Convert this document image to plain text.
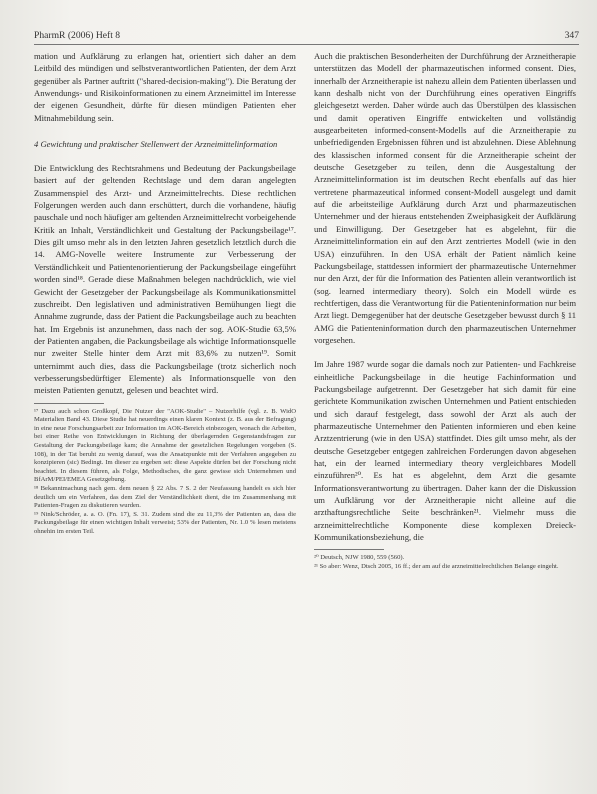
PharmR (2006) Heft 8	347

mation und Aufklärung zu erlangen hat, orientiert sich daher an dem Leitbild des mündigen und selbstverantwortlichen Patienten, der dem Arzt gegenüber als Partner auftritt ("shared-decision-making"). Die Beratung der Anwendungs- und Risikoinformationen zu einem Arzneimittel im Interesse der eigenen Gesundheit, dürfte für diesen mündigen Patienten eher Mitnahmebildung sein.

4 Gewichtung und praktischer Stellenwert der Arzneimittelinformation

Die Entwicklung des Rechtsrahmens und Bedeutung der Packungsbeilage basiert auf der geltenden Rechtslage und dem daran angelegten Zusammenspiel des Arzt- und Arzneimittelrechts. Diese rechtlichen Folgerungen werden auch dann erschüttert, durch die vorhandene, häufig pauschale und noch häufiger am geltenden Arzneimittelrecht vorbeigehende Kritik an Inhalt, Verständlichkeit und Gestaltung der Packungsbeilage¹⁷. Dies gilt umso mehr als in den letzten Jahren gesetzlich letztlich durch die 14. AMG-Novelle weitere Instrumente zur Verbesserung der Verständlichkeit und Patientenorientierung der Packungsbeilage eingeführt worden sind¹⁸. Gerade diese Maßnahmen belegen nachdrücklich, wie viel Gewicht der Gesetzgeber der Packungsbeilage als Kommunikationsmittel zuschreibt. Den legislativen und administrativen Bemühungen liegt die Annahme zugrunde, dass der Patient die Packungsbeilage auch zu beachten hat. Im Ergebnis ist anzunehmen, dass nach der sog. AOK-Studie 63,5% der Patienten angaben, die Packungsbeilage als wichtige Informationsquelle nur zweiter Stelle hinter dem Arzt mit 83,6% zu nutzen¹⁹. Somit unternimmt auch dies, dass die Packungsbeilage (trotz sicherlich noch verbesserungsbedürftiger Elemente) als Informationsquelle von den meisten Patienten genutzt, gelesen und beachtet wird.

¹⁷ Dazu auch schon Großkopf, Die Nutzer der "AOK-Studie" – Nutzerhilfe (vgl. z. B. WidO Materialien Band 43. Diese Studie hat neuerdings einen klaren Kontext (z. B. aus der Befragung) in eine neue Forschungsarbeit zur Information im AOK-Bereich einbezogen, wonach die Arbeiten, bei einer Reihe von Entwicklungen in Richtung der überlagernden Gegenstandsfragen zur Gestaltung der Packungsbeilage kam; die Annahme der gesetzlichen Regelungen vorgeben (S. 108), in der Tat beruht zu wenig darauf, was die Ansatzpunkte mit der Verfahren angegeben zu konzipieren (sic) Bedingt. Im dieser zu ergeben sei: diese Aspekte dürfen bei der Forschung nicht beachtet. In diesem führen, als Folge, Methodisches, die ganz gewisse sich Unternehmen und BfArM/PEI/EMEA Gesetzgebung.

¹⁸ Bekanntmachung nach gem. dem neuen § 22 Abs. 7 S. 2 der Neufassung handelt es sich hier deutlich um ein Verfahren, das dem Ziel der Verständlichkeit dient, die im Zusammenhang mit Patienten-Fragen zu diskutieren wurden.

¹⁹ Nink/Schröder, a. a. O. (Fn. 17), S. 31. Zudem sind die zu 11,3% der Patienten an, dass die Packungsbeilage für einen wichtigen Inhalt verweist; 53% der Patienten, Nr. 1.0 % lesen meistens ohnehin im ersten Teil.

Auch die praktischen Besonderheiten der Durchführung der Arzneitherapie unterstützen das Modell der pharmazeutischen informed consent. Dies, innerhalb der Arzneitherapie ist nahezu allein dem Patienten überlassen und kann deshalb nicht von der Durchführung eines operativen Eingriffs gleichgesetzt werden. Daher würde auch das Überstülpen des klassischen und damit operativen Eingriffe entwickelten und vollständig ausgearbeiteten informed-consent-Modells auf die Arzneitherapie zu unbefriedigenden Ergebnissen führen und ist abzulehnen. Diese Ablehnung des klassischen informed consent für die Arzneitherapie scheint der deutsche Gesetzgeber zu teilen, denn die Ausgestaltung der Arzneimittelinformation ist im deutschen Recht ebenfalls auf das hier vertretene pharmazeutical informed consent-Modell ausgelegt und damit auf die arbeitsteilige Aufklärung durch Arzt und pharmazeutischen Unternehmer und der hieraus entstehenden Zweiphasigkeit der Aufklärung und Einwilligung. Der Gesetzgeber hat es abgelehnt, für die Arzneimittelinformation ein auf den Arzt zentriertes Modell (wie in den USA) einzuführen. In den USA erhält der Patient nämlich keine Packungsbeilage, stattdessen informiert der pharmazeutische Unternehmer nur den Arzt, der für die Information des Patienten allein verantwortlich ist (sog. learned intermediary theory). Solch ein Modell würde es rechtfertigen, dass die Verantwortung für die Patienteninformation nur beim Arzt liegt. Demgegenüber hat der deutsche Gesetzgeber bewusst durch § 11 AMG die Patienteninformation durch den pharmazeutischen Unternehmer vorgesehen.

Im Jahre 1987 wurde sogar die damals noch zur Patienten- und Fachkreise einheitliche Packungsbeilage in die heutige Fachinformation und Packungsbeilage aufgetrennt. Der Gesetzgeber hat sich damit für eine gerichtete Kommunikation zwischen Unternehmen und Patient entschieden und sich darauf festgelegt, dass sowohl der Arzt als auch der pharmazeutische Unternehmer den Patienten informieren und eben keine Arztzentrierung (wie in den USA) stattfindet. Dies gilt umso mehr, als der deutsche Gesetzgeber entgegen zahlreichen Forderungen davon abgesehen hat, ein der learned intermediary theory vergleichbares Modell einzuführen²⁰. Es hat es abgelehnt, dem Arzt die gesamte Informationsverantwortung zu übertragen. Daher kann der die Diskussion um Aufklärung vor der Arzneitherapie nicht alleine auf die arzthaftungsrechtliche Seite beschränken²¹. Vielmehr muss die arzneimittelrechtliche Komponente diese komplexen Dreieck-Kommunikationsbeziehung, die

²⁰ Deutsch, NJW 1980, 559 (560).

²¹ So aber: Wenz, Dtsch 2005, 16 ff.; der am auf die arzneimittelrechtlichen Belange eingeht.
